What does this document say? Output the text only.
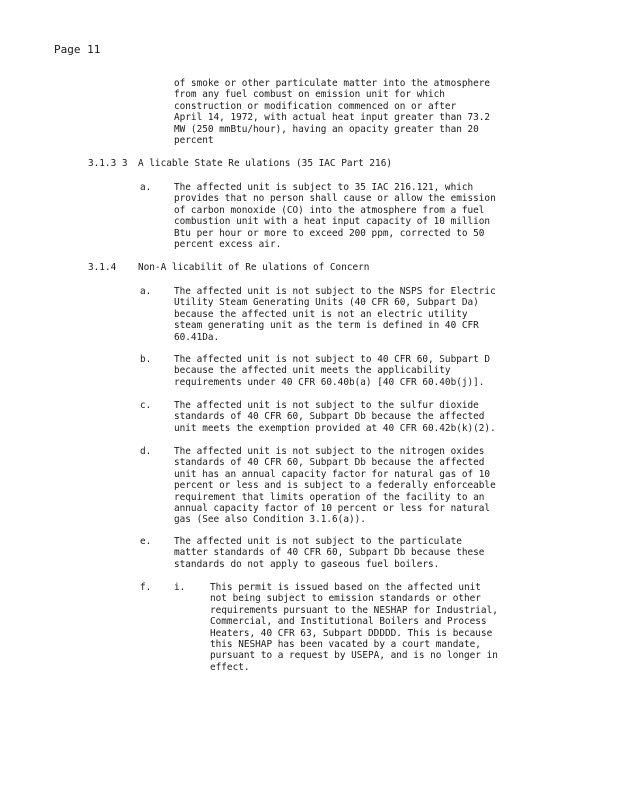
Page 11

of smoke or other particulate matter into the atmosphere
from any fuel combust on emission unit for which
construction or modification commenced on or after
April 14, 1972, with actual heat input greater than 73.2
MW (250 mmBtu/hour), having an opacity greater than 20
percent

3.1.3 3 A licable State Re ulations (35 IAC Part 216)
a. The affected unit is subject to 35 IAC 216.121, which
provides that no person shall cause or allow the emission
of carbon monoxide (CO) into the atmosphere from a fuel
combustion unit with a heat input capacity of 10 million
Btu per hour or more to exceed 200 ppm, corrected to 50
percent excess air.

3.1.4 Non-A licabilit of Re ulations of Concern
a. The affected unit is not subject to the NSPS for Electric
Utility Steam Generating Units (40 CFR 60, Subpart Da)
because the affected unit is not an electric utility
steam generating unit as the term is defined in 40 CFR
60.41Da.

b. The affected unit is not subject to 40 CFR 60, Subpart D
because the affected unit meets the applicability
requirements under 40 CFR 60.40b(a) [40 CFR 60.40b(j)].

c. The affected unit is not subject to the sulfur dioxide
standards of 40 CFR 60, Subpart Db because the affected
unit meets the exemption provided at 40 CFR 60.42b(k)(2).

d. The affected unit is not subject to the nitrogen oxides
standards of 40 CFR 60, Subpart Db because the affected
unit has an annual capacity factor for natural gas of 10
percent or less and is subject to a federally enforceable
requirement that limits operation of the facility to an
annual capacity factor of 10 percent or less for natural
gas (See also Condition 3.1.6(a)).

e. The affected unit is not subject to the particulate
matter standards of 40 CFR 60, Subpart Db because these
standards do not apply to gaseous fuel boilers.

f. i.	This permit is issued based on the affected unit
not being subject to emission standards or other
requirements pursuant to the NESHAP for Industrial,
Commercial, and Institutional Boilers and Process
Heaters, 40 CFR 63, Subpart DDDDD. This is because
this NESHAP has been vacated by a court mandate,
pursuant to a request by USEPA, and is no longer in
effect.
